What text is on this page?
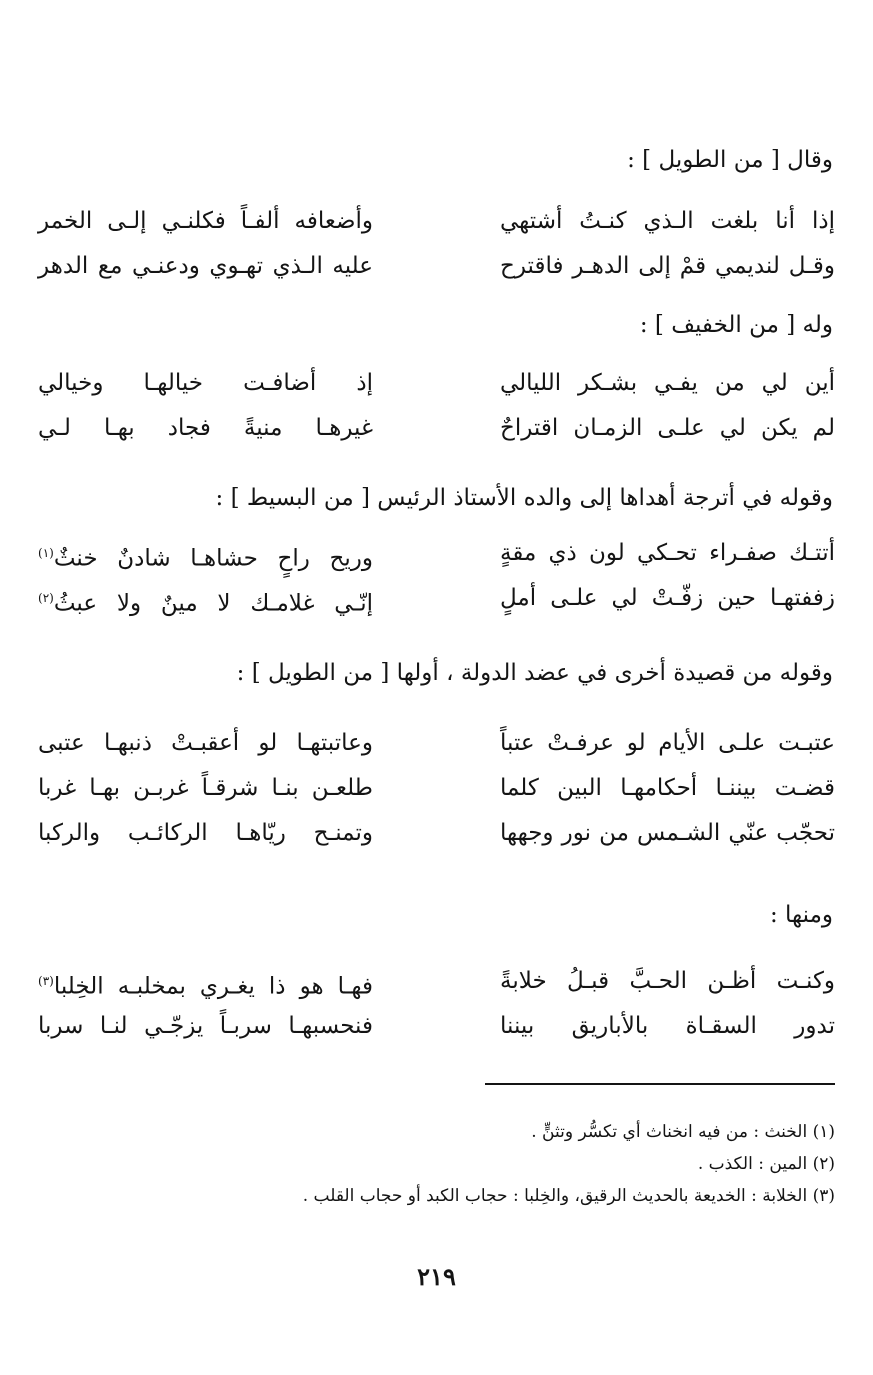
وقال [ من الطويل ] :
إذا أنا بلغت الـذي كنـتُ أشتهي
وأضعافه ألفـاً فكلنـي إلـى الخمر
وقـل لنديمي قمْ إلى الدهـر فاقترح
عليه الـذي تهـوي ودعنـي مع الدهر
وله [ من الخفيف ] :
أين لي من يفـي بشـكر الليالي
إذ أضافـت خيالهـا وخيالي
لم يكن لي علـى الزمـان اقتراحٌ
غيرهـا منيةً فجاد بهـا لـي
وقوله في أترجة أهداها إلى والده الأستاذ الرئيس [ من البسيط ] :
أتتـك صفـراء تحـكي لون ذي مقةٍ
وريح راحٍ حشاهـا شادنٌ خنثٌ$^{(١)}$
زففتهـا حين زفّـتْ لي علـى أملٍ
إنّـي غلامـك لا مينٌ ولا عبثُ$^{(٢)}$
وقوله من قصيدة أخرى في عضد الدولة ، أولها [ من الطويل ] :
عتبـت علـى الأيام لو عرفـتْ عتباً
وعاتبتهـا لو أعقبـتْ ذنبهـا عتبى
قضـت بيننـا أحكامهـا البين كلما
طلعـن بنـا شرقـاً غربـن بهـا غربا
تحجّب عنّي الشـمس من نور وجهها
وتمنـح ريّاهـا الركائـب والركبا
ومنها :
وكنـت أظـن الحـبَّ قبـلُ خلابةً
فهـا هو ذا يغـري بمخلبـه الخِلبا$^{(٣)}$
تدور السقـاة بالأباريق بيننا
فنحسبهـا سربـاً يزجّـي لنـا سربا
(١) الخنث : من فيه انخناث أي تكسُّر وتثنٍّ .
(٢) المين : الكذب .
(٣) الخلابة : الخديعة بالحديث الرقيق، والخِلبا : حجاب الكبد أو حجاب القلب .
٢١٩
